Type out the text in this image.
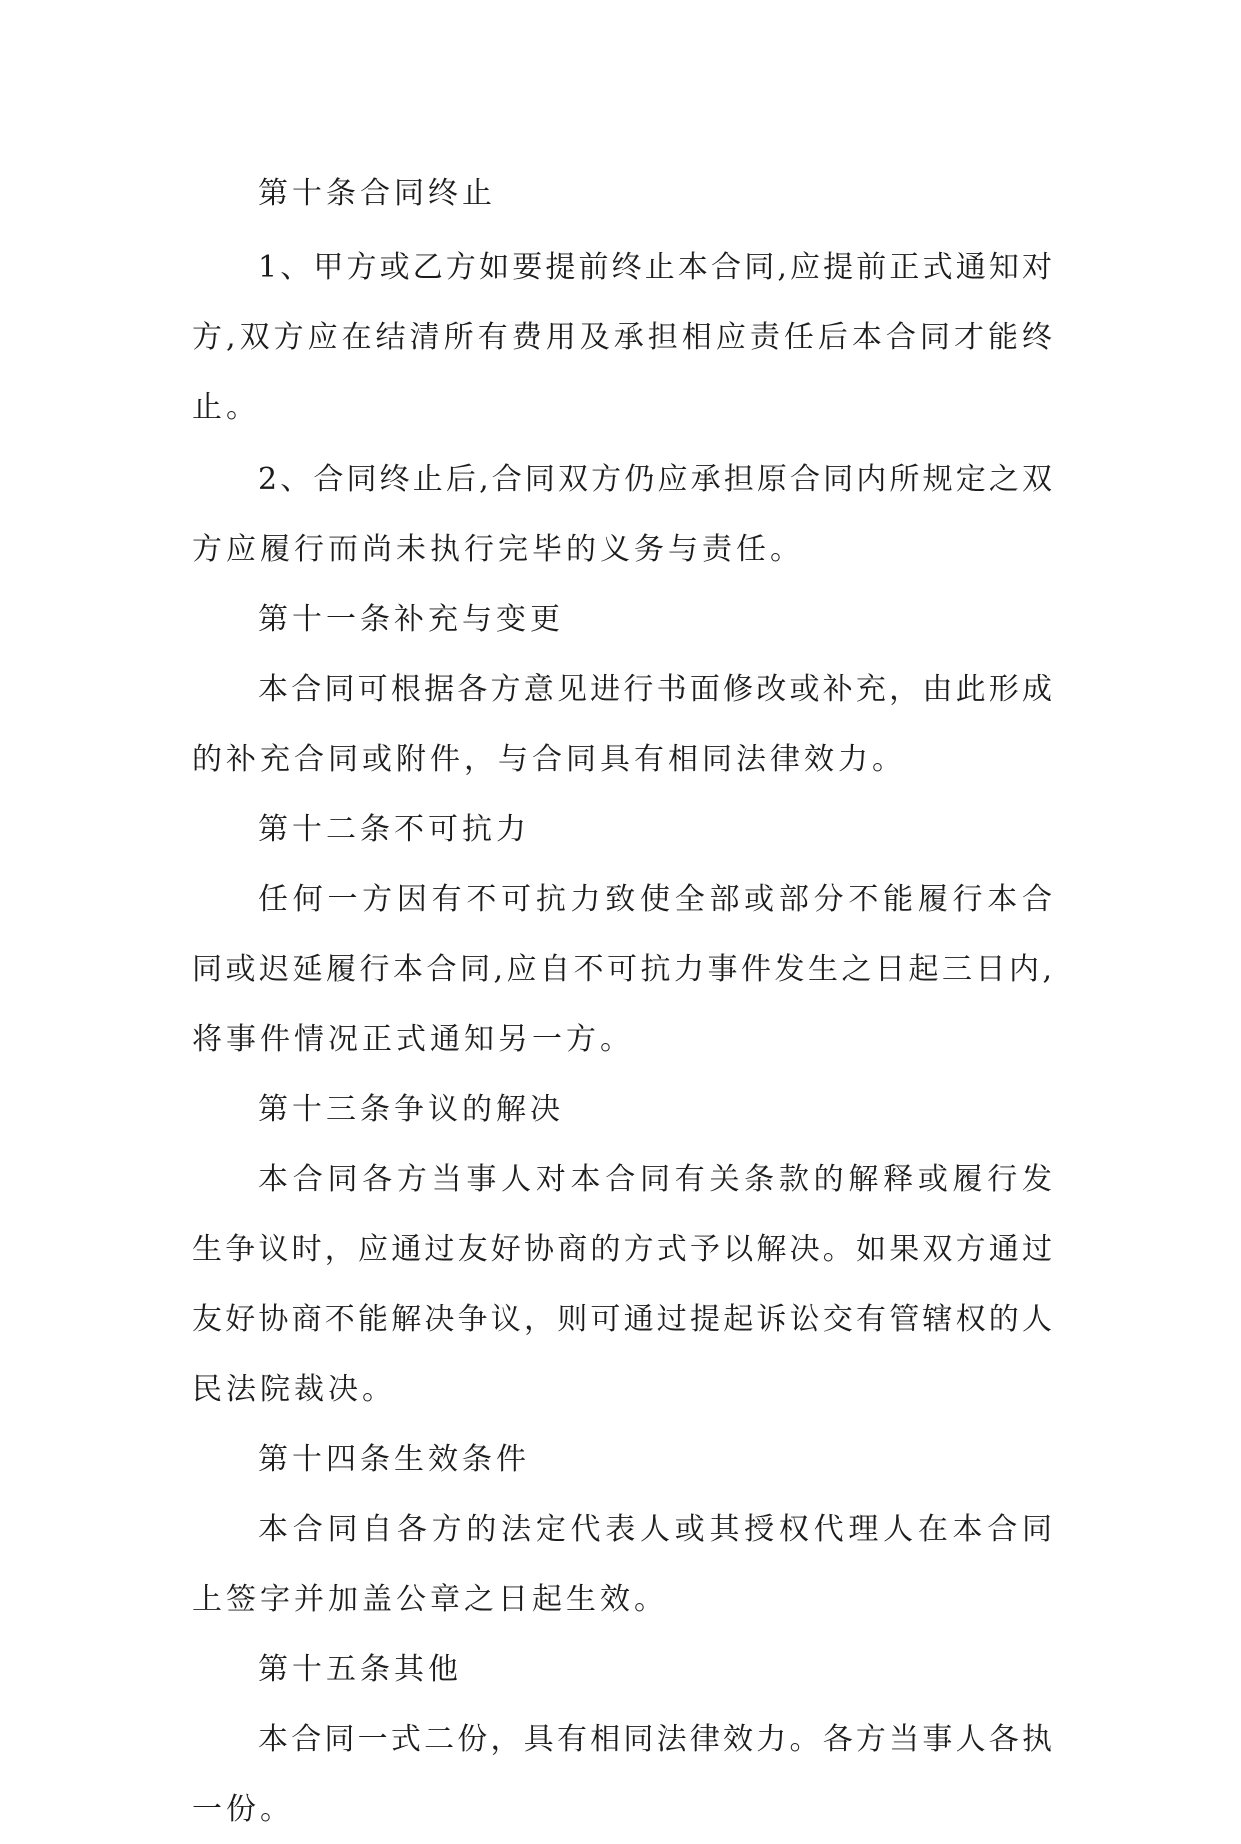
第十条合同终止
1、甲方或乙方如要提前终止本合同,应提前正式通知对
方,双方应在结清所有费用及承担相应责任后本合同才能终
止。
2、合同终止后,合同双方仍应承担原合同内所规定之双
方应履行而尚未执行完毕的义务与责任。
第十一条补充与变更
本合同可根据各方意见进行书面修改或补充，由此形成
的补充合同或附件，与合同具有相同法律效力。
第十二条不可抗力
任何一方因有不可抗力致使全部或部分不能履行本合
同或迟延履行本合同,应自不可抗力事件发生之日起三日内,
将事件情况正式通知另一方。
第十三条争议的解决
本合同各方当事人对本合同有关条款的解释或履行发
生争议时，应通过友好协商的方式予以解决。如果双方通过
友好协商不能解决争议，则可通过提起诉讼交有管辖权的人
民法院裁决。
第十四条生效条件
本合同自各方的法定代表人或其授权代理人在本合同
上签字并加盖公章之日起生效。
第十五条其他
本合同一式二份，具有相同法律效力。各方当事人各执
一份。
